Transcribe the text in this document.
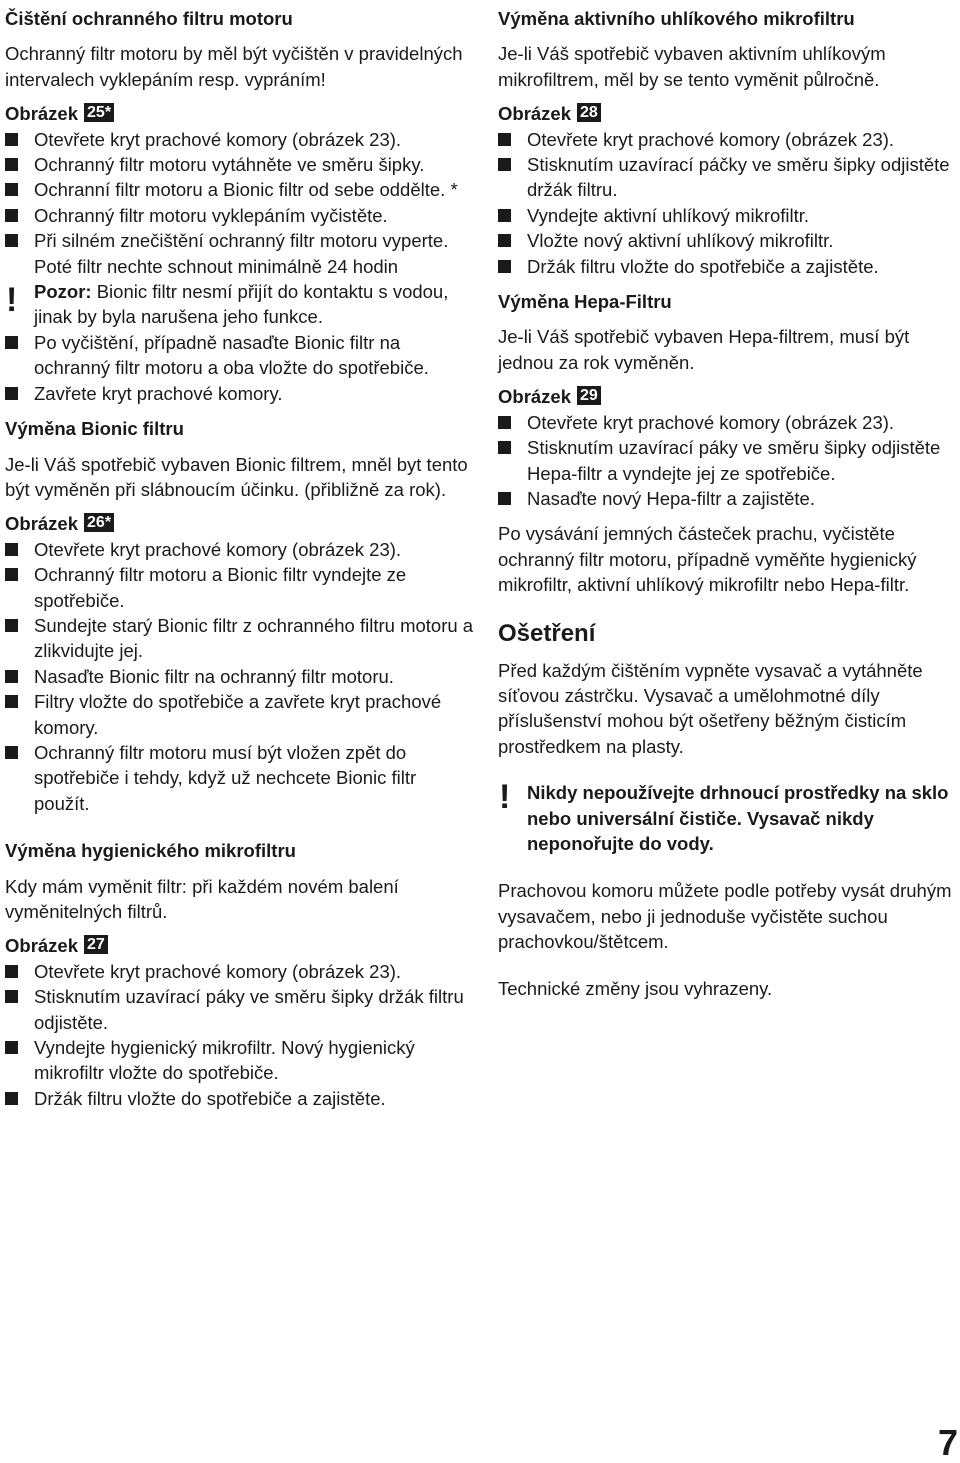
Čištění ochranného filtru motoru

Ochranný filtr motoru by měl být vyčištěn v pravidelných intervalech vyklepáním resp. vypráním!

Obrázek 25*
Otevřete kryt prachové komory (obrázek 23).
Ochranný filtr motoru vytáhněte ve směru šipky.
Ochranní filtr motoru a Bionic filtr od sebe oddělte. *
Ochranný filtr motoru vyklepáním vyčistěte.
Při silném znečištění ochranný filtr motoru vyperte. Poté filtr nechte schnout minimálně 24 hodin
! Pozor: Bionic filtr nesmí přijít do kontaktu s vodou, jinak by byla narušena jeho funkce.
Po vyčištění, případně nasaďte Bionic filtr na ochranný filtr motoru a oba vložte do spotřebiče.
Zavřete kryt prachové komory.
Výměna Bionic filtru

Je-li Váš spotřebič vybaven Bionic filtrem, mněl byt tento být vyměněn při slábnoucím účinku. (přibližně za rok).

Obrázek 26*
Otevřete kryt prachové komory (obrázek 23).
Ochranný filtr motoru a Bionic filtr vyndejte ze spotřebiče.
Sundejte starý Bionic filtr z ochranného filtru motoru a zlikvidujte jej.
Nasaďte Bionic filtr na ochranný filtr motoru.
Filtry vložte do spotřebiče a zavřete kryt prachové komory.
Ochranný filtr motoru musí být vložen zpět do spotřebiče i tehdy, když už nechcete Bionic filtr použít.
Výměna hygienického mikrofiltru

Kdy mám vyměnit filtr: při každém novém balení vyměnitelných filtrů.

Obrázek 27
Otevřete kryt prachové komory (obrázek 23).
Stisknutím uzavírací páky ve směru šipky držák filtru odjistěte.
Vyndejte hygienický mikrofiltr. Nový hygienický mikrofiltr vložte do spotřebiče.
Držák filtru vložte do spotřebiče a zajistěte.
Výměna aktivního uhlíkového mikrofiltru

Je-li Váš spotřebič vybaven aktivním uhlíkovým mikrofiltrem, měl by se tento vyměnit půlročně.

Obrázek 28
Otevřete kryt prachové komory (obrázek 23).
Stisknutím uzavírací páčky ve směru šipky odjistěte držák filtru.
Vyndejte aktivní uhlíkový mikrofiltr.
Vložte nový aktivní uhlíkový mikrofiltr.
Držák filtru vložte do spotřebiče a zajistěte.
Výměna Hepa-Filtru

Je-li Váš spotřebič vybaven Hepa-filtrem, musí být jednou za rok vyměněn.

Obrázek 29
Otevřete kryt prachové komory (obrázek 23).
Stisknutím uzavírací páky ve směru šipky odjistěte Hepa-filtr a vyndejte jej ze spotřebiče.
Nasaďte nový Hepa-filtr a zajistěte.

Po vysávání jemných částeček prachu, vyčistěte ochranný filtr motoru, případně vyměňte hygienický mikrofiltr, aktivní uhlíkový mikrofiltr nebo Hepa-filtr.

Ošetření

Před každým čištěním vypněte vysavač a vytáhněte síťovou zástrčku. Vysavač a umělohmotné díly příslušenství mohou být ošetřeny běžným čisticím prostředkem na plasty.

! Nikdy nepoužívejte drhnoucí prostředky na sklo nebo universální čističe. Vysavač nikdy neponořujte do vody.

Prachovou komoru můžete podle potřeby vysát druhým vysavačem, nebo ji jednoduše vyčistěte suchou prachovkou/štětcem.

Technické změny jsou vyhrazeny.

7
